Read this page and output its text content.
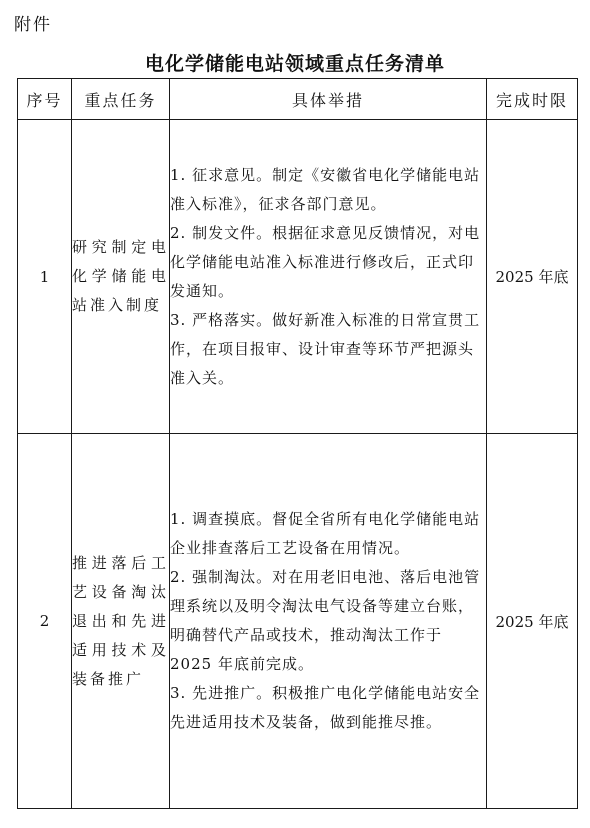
附件
电化学储能电站领域重点任务清单
序号	重点任务	具体举措	完成时限
1	研究制定电化学储能电站准入制度	1. 征求意见。制定《安徽省电化学储能电站准入标准》，征求各部门意见。
2. 制发文件。根据征求意见反馈情况，对电化学储能电站准入标准进行修改后，正式印发通知。
3. 严格落实。做好新准入标准的日常宣贯工作，在项目报审、设计审查等环节严把源头准入关。	2025 年底
2	推进落后工艺设备淘汰退出和先进适用技术及装备推广	1. 调查摸底。督促全省所有电化学储能电站企业排查落后工艺设备在用情况。
2. 强制淘汰。对在用老旧电池、落后电池管理系统以及明令淘汰电气设备等建立台账，明确替代产品或技术，推动淘汰工作于 2025 年底前完成。
3. 先进推广。积极推广电化学储能电站安全先进适用技术及装备，做到能推尽推。	2025 年底
